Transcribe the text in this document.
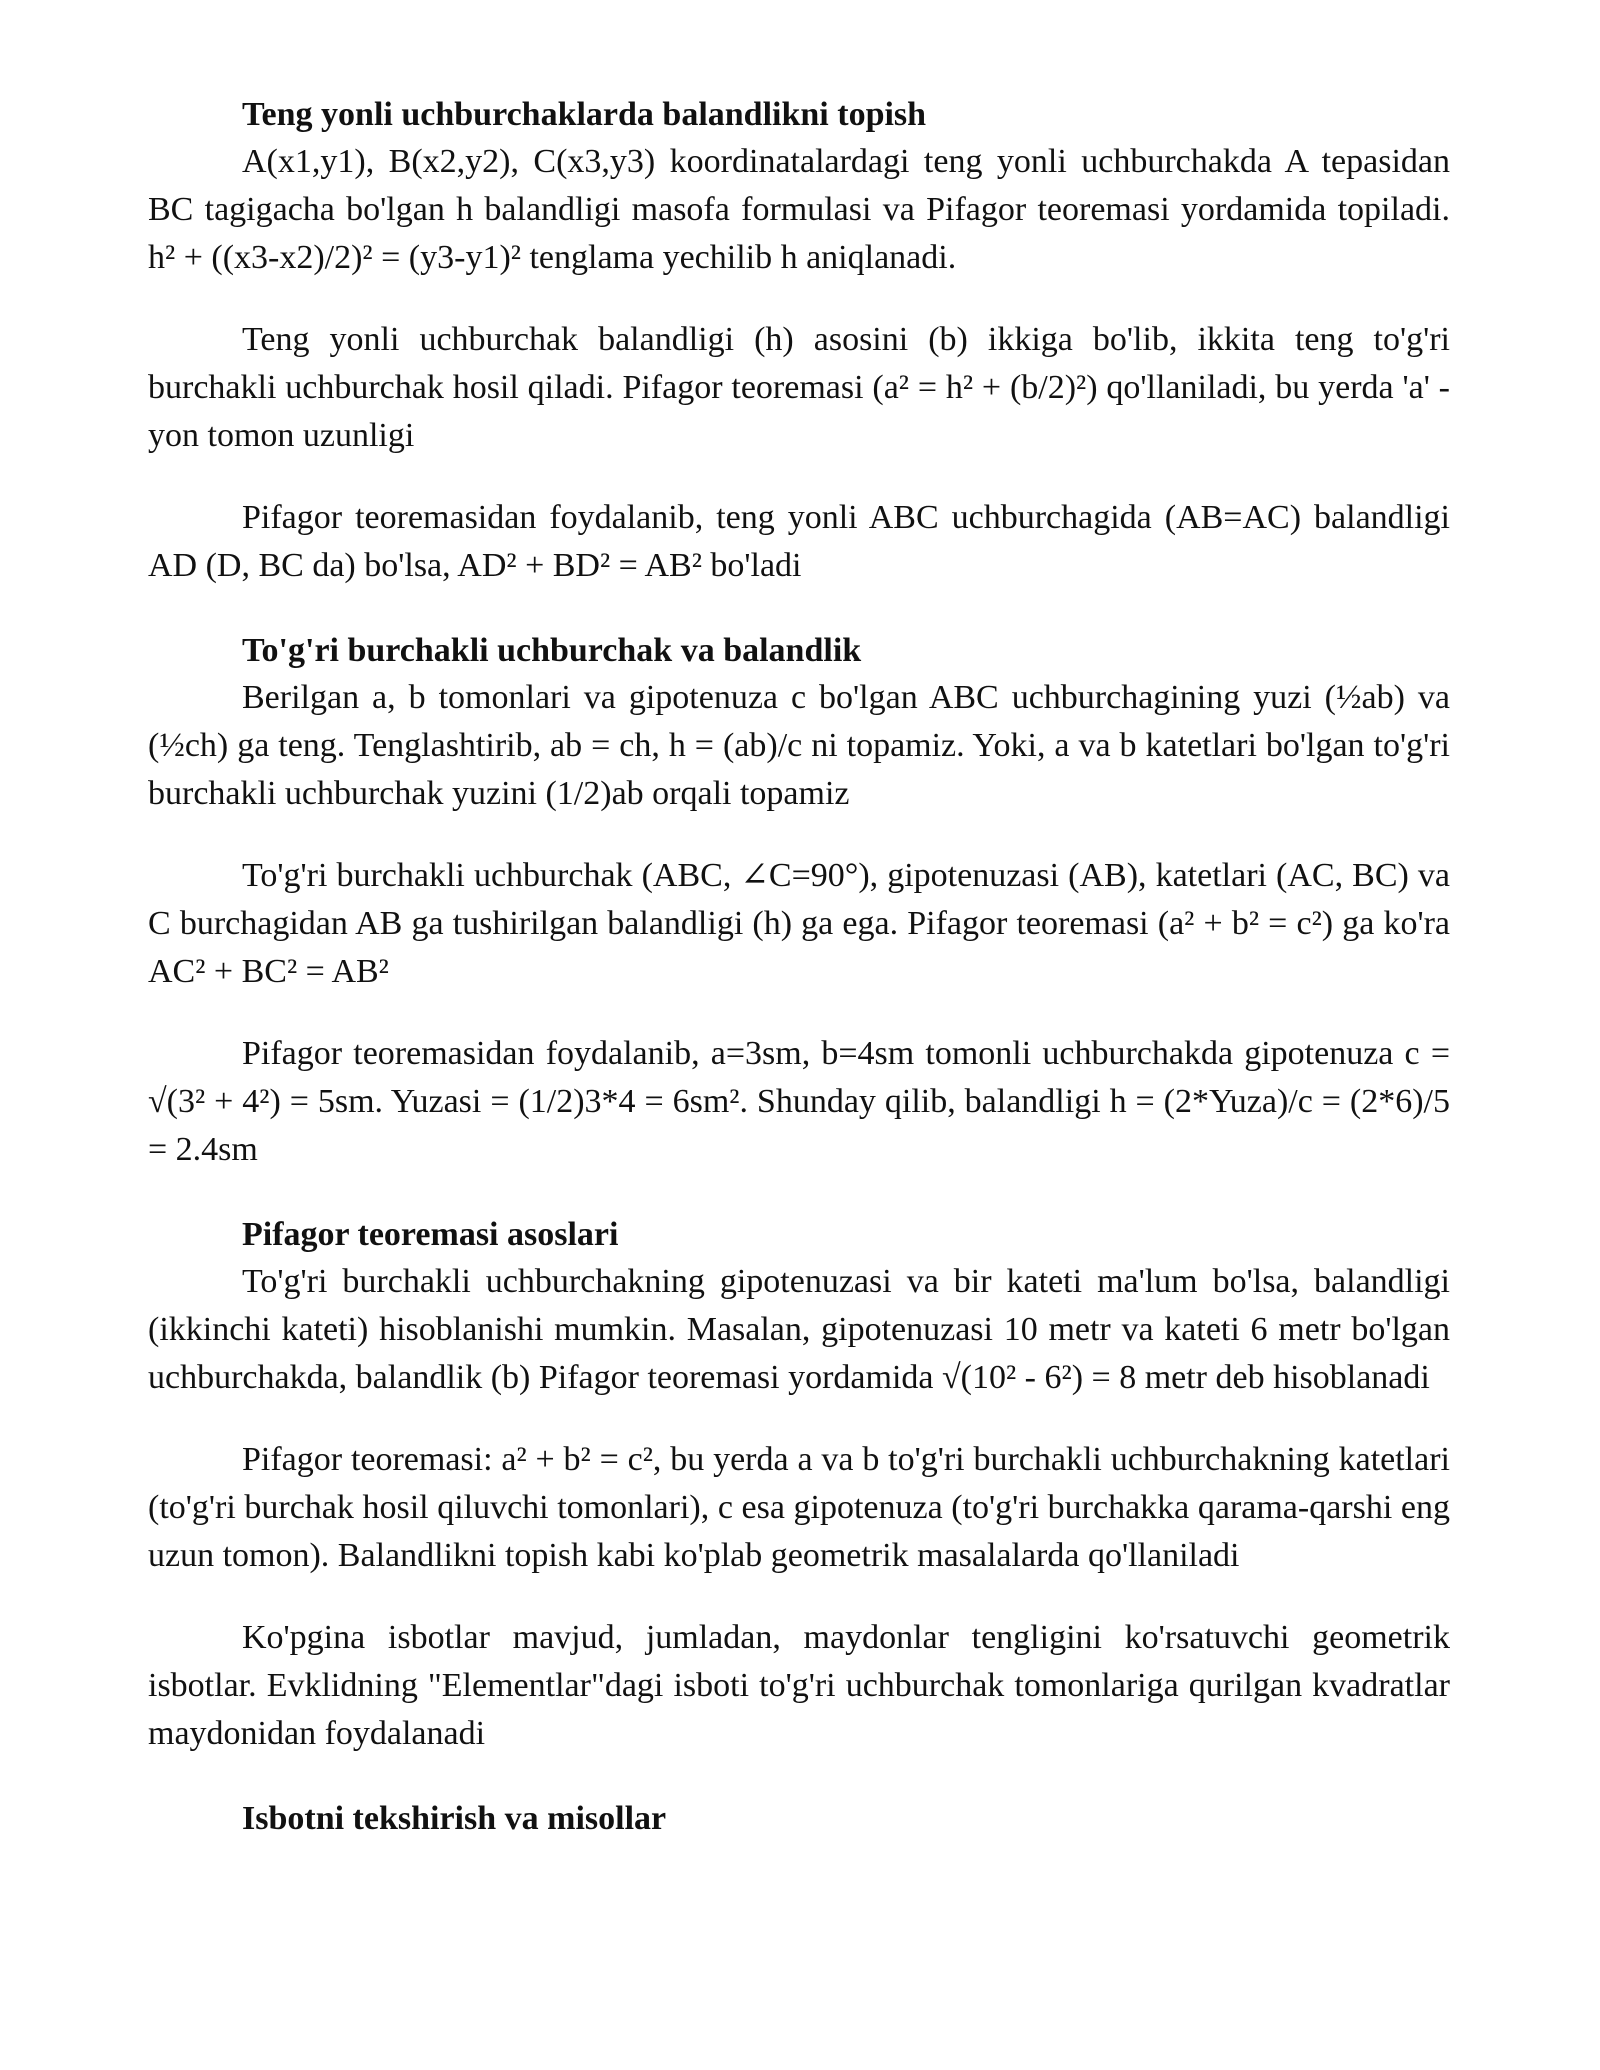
Teng yonli uchburchaklarda balandlikni topish

A(x1,y1), B(x2,y2), C(x3,y3) koordinatalardagi teng yonli uchburchakda A tepasidan BC tagigacha bo'lgan h balandligi masofa formulasi va Pifagor teoremasi yordamida topiladi. h² + ((x3-x2)/2)² = (y3-y1)² tenglama yechilib h aniqlanadi.

Teng yonli uchburchak balandligi (h) asosini (b) ikkiga bo'lib, ikkita teng to'g'ri burchakli uchburchak hosil qiladi. Pifagor teoremasi (a² = h² + (b/2)²) qo'llaniladi, bu yerda 'a' - yon tomon uzunligi

Pifagor teoremasidan foydalanib, teng yonli ABC uchburchagida (AB=AC) balandligi AD (D, BC da) bo'lsa, AD² + BD² = AB² bo'ladi

To'g'ri burchakli uchburchak va balandlik

Berilgan a, b tomonlari va gipotenuza c bo'lgan ABC uchburchagining yuzi (½ab) va (½ch) ga teng. Tenglashtirib, ab = ch, h = (ab)/c ni topamiz. Yoki, a va b katetlari bo'lgan to'g'ri burchakli uchburchak yuzini (1/2)ab orqali topamiz

To'g'ri burchakli uchburchak (ABC, ∠C=90°), gipotenuzasi (AB), katetlari (AC, BC) va C burchagidan AB ga tushirilgan balandligi (h) ga ega. Pifagor teoremasi (a² + b² = c²) ga ko'ra AC² + BC² = AB²

Pifagor teoremasidan foydalanib, a=3sm, b=4sm tomonli uchburchakda gipotenuza c = √(3² + 4²) = 5sm. Yuzasi = (1/2)3*4 = 6sm². Shunday qilib, balandligi h = (2*Yuza)/c = (2*6)/5 = 2.4sm

Pifagor teoremasi asoslari

To'g'ri burchakli uchburchakning gipotenuzasi va bir kateti ma'lum bo'lsa, balandligi (ikkinchi kateti) hisoblanishi mumkin. Masalan, gipotenuzasi 10 metr va kateti 6 metr bo'lgan uchburchakda, balandlik (b) Pifagor teoremasi yordamida √(10² - 6²) = 8 metr deb hisoblanadi

Pifagor teoremasi: a² + b² = c², bu yerda a va b to'g'ri burchakli uchburchakning katetlari (to'g'ri burchak hosil qiluvchi tomonlari), c esa gipotenuza (to'g'ri burchakka qarama-qarshi eng uzun tomon). Balandlikni topish kabi ko'plab geometrik masalalarda qo'llaniladi

Ko'pgina isbotlar mavjud, jumladan, maydonlar tengligini ko'rsatuvchi geometrik isbotlar. Evklidning "Elementlar"dagi isboti to'g'ri uchburchak tomonlariga qurilgan kvadratlar maydonidan foydalanadi

Isbotni tekshirish va misollar
